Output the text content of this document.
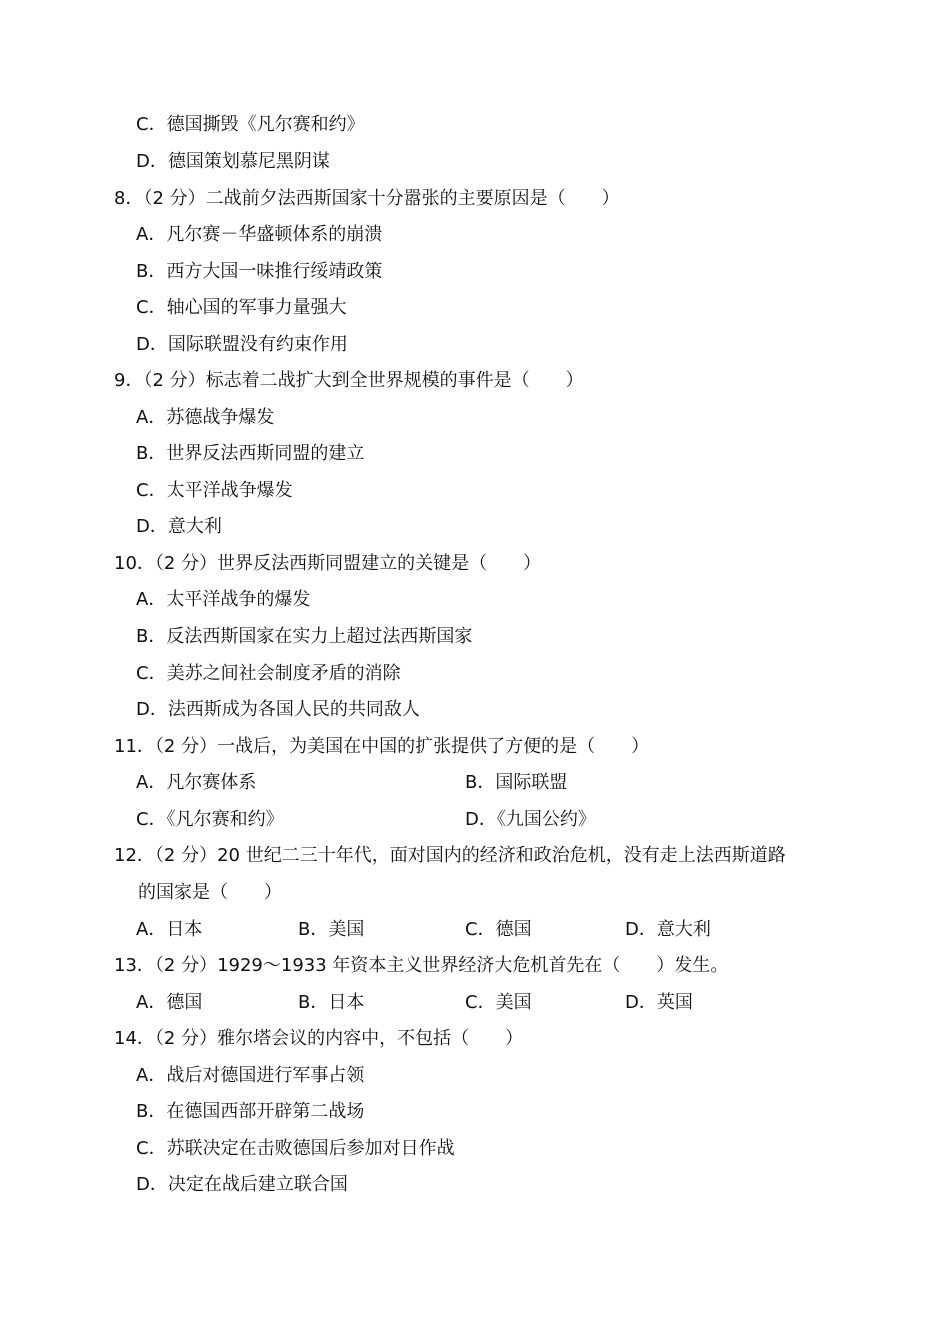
C．德国撕毁《凡尔赛和约》
D．德国策划慕尼黑阴谋
8．（2 分）二战前夕法西斯国家十分嚣张的主要原因是（　　）
A．凡尔赛－华盛顿体系的崩溃
B．西方大国一味推行绥靖政策
C．轴心国的军事力量强大
D．国际联盟没有约束作用
9．（2 分）标志着二战扩大到全世界规模的事件是（　　）
A．苏德战争爆发
B．世界反法西斯同盟的建立
C．太平洋战争爆发
D．意大利
10．（2 分）世界反法西斯同盟建立的关键是（　　）
A．太平洋战争的爆发
B．反法西斯国家在实力上超过法西斯国家
C．美苏之间社会制度矛盾的消除
D．法西斯成为各国人民的共同敌人
11．（2 分）一战后，为美国在中国的扩张提供了方便的是（　　）
A．凡尔赛体系	B．国际联盟
C．《凡尔赛和约》	D．《九国公约》
12．（2 分）20 世纪二三十年代，面对国内的经济和政治危机，没有走上法西斯道路
的国家是（　　）
A．日本	B．美国	C．德国	D．意大利
13．（2 分）1929～1933 年资本主义世界经济大危机首先在（　　）发生。
A．德国	B．日本	C．美国	D．英国
14．（2 分）雅尔塔会议的内容中，不包括（　　）
A．战后对德国进行军事占领
B．在德国西部开辟第二战场
C．苏联决定在击败德国后参加对日作战
D．决定在战后建立联合国
